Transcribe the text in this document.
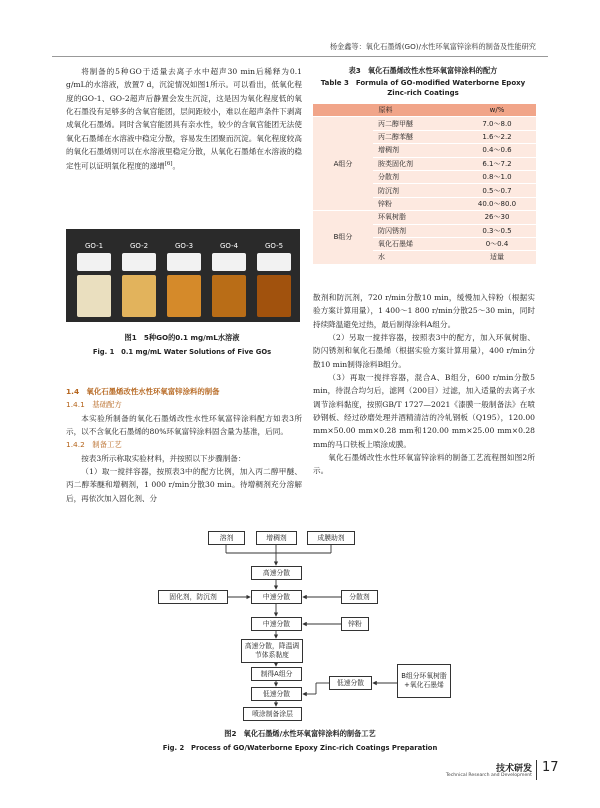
杨金鑫等：氧化石墨烯(GO)/水性环氧富锌涂料的制备及性能研究

将制备的5种GO于适量去离子水中超声30 min后稀释为0.1 g/mL的水溶液，放置7 d，沉淀情况如图1所示。可以看出，低氧化程度的GO-1、GO-2超声后静置会发生沉淀，这是因为氧化程度低的氧化石墨没有足够多的含氧官能团，层间距较小，难以在超声条件下剥离成氧化石墨烯。同时含氧官能团具有亲水性，较少的含氧官能团无法使氧化石墨烯在水溶液中稳定分散，容易发生团聚而沉淀。氧化程度较高的氧化石墨烯则可以在水溶液里稳定分散，从氧化石墨烯在水溶液的稳定性可以证明氧化程度的递增[6]。

GO-1	GO-2	GO-3	GO-4	GO-5
图1　5种GO的0.1 mg/mL水溶液
Fig. 1　0.1 mg/mL Water Solutions of Five GOs
1.4　氧化石墨烯改性水性环氧富锌涂料的制备
1.4.1　基础配方

本实验所制备的氧化石墨烯改性水性环氧富锌涂料配方如表3所示，以不含氧化石墨烯的80%环氧富锌涂料固含量为基准，后同。

1.4.2　制备工艺

按表3所示称取实验材料，并按照以下步骤制备：

（1）取一搅拌容器，按照表3中的配方比例，加入丙二醇甲醚、丙二醇苯醚和增稠剂，1 000 r/min分散30 min。待增稠剂充分溶解后，再依次加入固化剂、分

表3　氧化石墨烯改性水性环氧富锌涂料的配方
Table 3　Formula of GO-modified Waterborne Epoxy
Zinc-rich Coatings
原料		w/%
A组分	丙二醇甲醚	7.0～8.0
	丙二醇苯醚	1.6～2.2
	增稠剂	0.4～0.6
	胺类固化剂	6.1～7.2
	分散剂	0.8～1.0
	防沉剂	0.5～0.7
	锌粉	40.0～80.0
B组分	环氧树脂	26～30
	防闪锈剂	0.3～0.5
	氧化石墨烯	0～0.4
	水	适量

散剂和防沉剂，720 r/min分散10 min，缓慢加入锌粉（根据实验方案计算用量），1 400～1 800 r/min分散25～30 min，同时持续降温避免过热，最后制得涂料A组分。

（2）另取一搅拌容器，按照表3中的配方，加入环氧树脂、防闪锈剂和氧化石墨烯（根据实验方案计算用量），400 r/min分散10 min制得涂料B组分。

（3）再取一搅拌容器，混合A、B组分，600 r/min分散5 min，待混合均匀后，滤网（200目）过滤，加入适量的去离子水调节涂料黏度，按照GB/T 1727—2021《漆膜一般制备法》在喷砂钢板、经过砂磨处理并酒精清洁的冷轧钢板（Q195），120.00 mm×50.00 mm×0.28 mm和120.00 mm×25.00 mm×0.28 mm的马口铁板上喷涂成膜。

氧化石墨烯改性水性环氧富锌涂料的制备工艺流程图如图2所示。

溶剂	增稠剂	成膜助剂
高速分散
固化剂，防沉剂	中速分散	分散剂
中速分散	锌粉
高速分散，降温调节体系黏度
制得A组分	B组分环氧树脂+氧化石墨烯
低速分散
低速分散
喷涂制备涂层
图2　氧化石墨烯/水性环氧富锌涂料的制备工艺
Fig. 2　Process of GO/Waterborne Epoxy Zinc-rich Coatings Preparation
技术研发
Technical Research and Development
17
